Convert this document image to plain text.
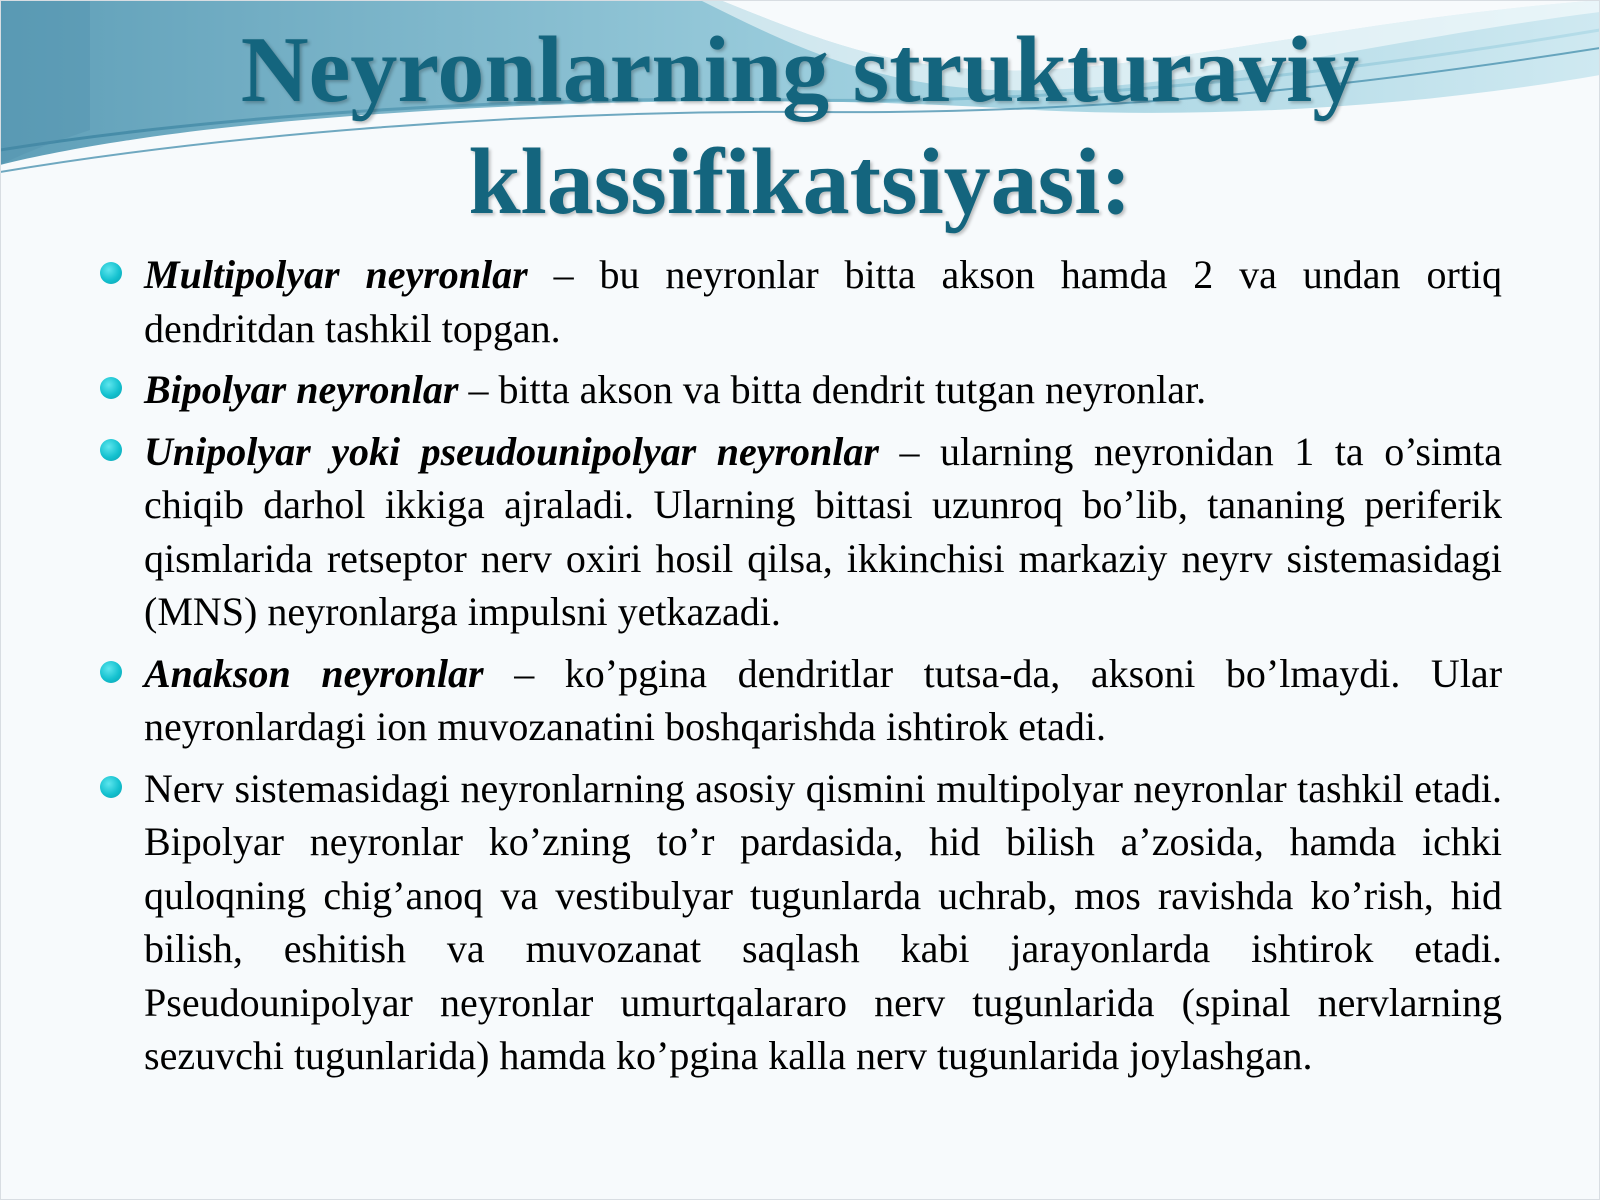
Neyronlarning strukturaviy
klassifikatsiyasi:
Multipolyar neyronlar – bu neyronlar bitta akson hamda 2 va undan ortiq dendritdan tashkil topgan.
Bipolyar neyronlar – bitta akson va bitta dendrit tutgan neyronlar.
Unipolyar yoki pseudounipolyar neyronlar – ularning neyronidan 1 ta o’simta chiqib darhol ikkiga ajraladi. Ularning bittasi uzunroq bo’lib, tananing periferik qismlarida retseptor nerv oxiri hosil qilsa, ikkinchisi markaziy neyrv sistemasidagi (MNS) neyronlarga impulsni yetkazadi.
Anakson neyronlar – ko’pgina dendritlar tutsa-da, aksoni bo’lmaydi. Ular neyronlardagi ion muvozanatini boshqarishda ishtirok etadi.
Nerv sistemasidagi neyronlarning asosiy qismini multipolyar neyronlar tashkil etadi. Bipolyar neyronlar ko’zning to’r pardasida, hid bilish a’zosida, hamda ichki quloqning chig’anoq va vestibulyar tugunlarda uchrab, mos ravishda ko’rish, hid bilish, eshitish va muvozanat saqlash kabi jarayonlarda ishtirok etadi. Pseudounipolyar neyronlar umurtqalararo nerv tugunlarida (spinal nervlarning sezuvchi tugunlarida) hamda ko’pgina kalla nerv tugunlarida joylashgan.
